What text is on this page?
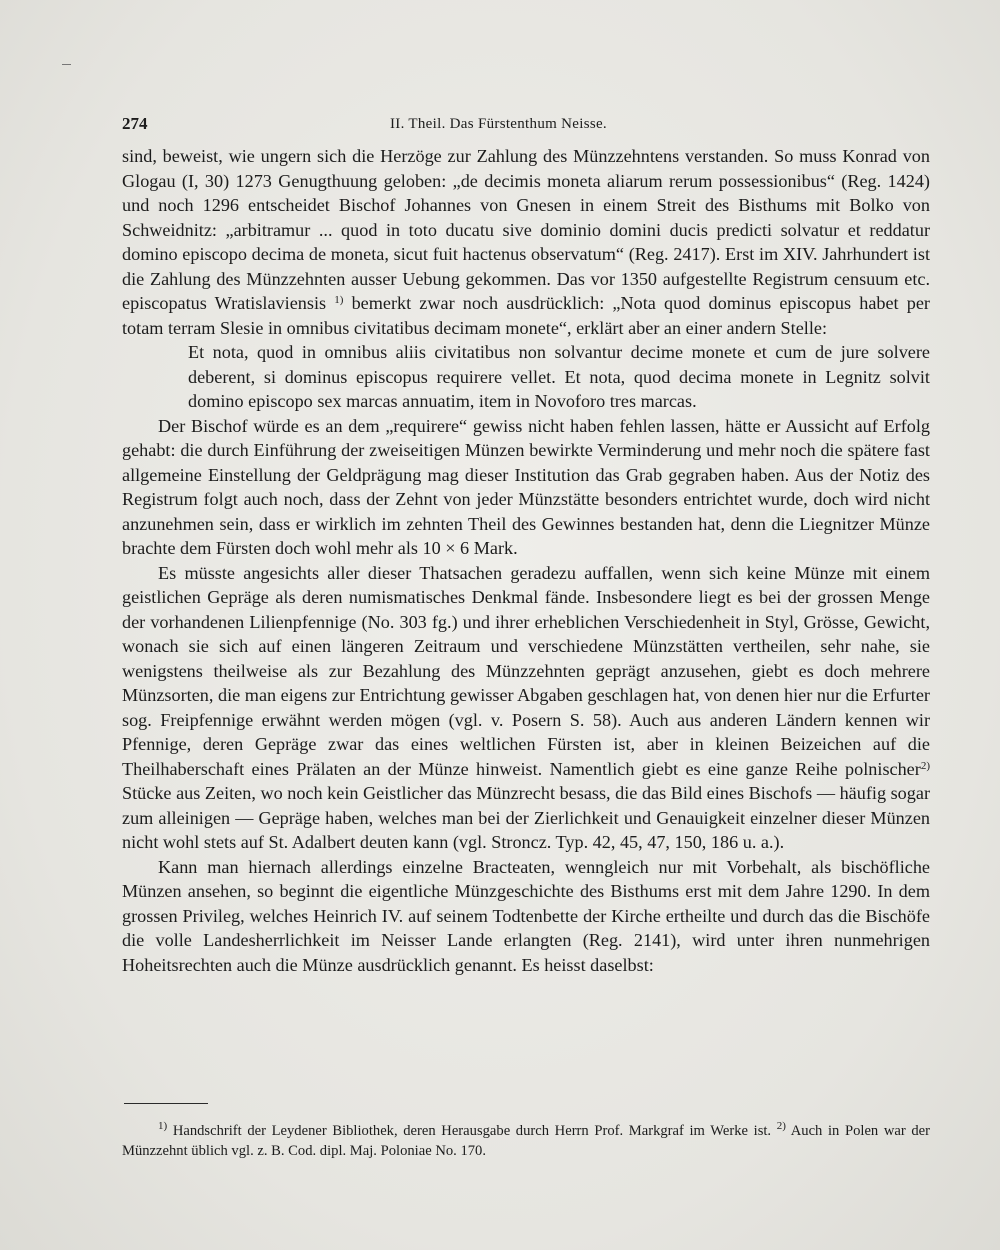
274	II. Theil. Das Fürstenthum Neisse.

sind, beweist, wie ungern sich die Herzöge zur Zahlung des Münzzehntens verstanden. So muss Konrad von Glogau (I, 30) 1273 Genugthuung geloben: „de decimis moneta aliarum rerum possessionibus“ (Reg. 1424) und noch 1296 entscheidet Bischof Johannes von Gnesen in einem Streit des Bisthums mit Bolko von Schweidnitz: „arbitramur ... quod in toto ducatu sive dominio domini ducis predicti solvatur et reddatur domino episcopo decima de moneta, sicut fuit hactenus observatum“ (Reg. 2417). Erst im XIV. Jahrhundert ist die Zahlung des Münzzehnten ausser Uebung gekommen. Das vor 1350 aufgestellte Registrum censuum etc. episcopatus Wratislaviensis $^{1)}$ bemerkt zwar noch ausdrücklich: „Nota quod dominus episcopus habet per totam terram Slesie in omnibus civitatibus decimam monete“, erklärt aber an einer andern Stelle:

Et nota, quod in omnibus aliis civitatibus non solvantur decime monete et cum de jure solvere deberent, si dominus episcopus requirere vellet. Et nota, quod decima monete in Legnitz solvit domino episcopo sex marcas annuatim, item in Novoforo tres marcas.

Der Bischof würde es an dem „requirere“ gewiss nicht haben fehlen lassen, hätte er Aussicht auf Erfolg gehabt: die durch Einführung der zweiseitigen Münzen bewirkte Verminderung und mehr noch die spätere fast allgemeine Einstellung der Geldprägung mag dieser Institution das Grab gegraben haben. Aus der Notiz des Registrum folgt auch noch, dass der Zehnt von jeder Münzstätte besonders entrichtet wurde, doch wird nicht anzunehmen sein, dass er wirklich im zehnten Theil des Gewinnes bestanden hat, denn die Liegnitzer Münze brachte dem Fürsten doch wohl mehr als 10 × 6 Mark.

Es müsste angesichts aller dieser Thatsachen geradezu auffallen, wenn sich keine Münze mit einem geistlichen Gepräge als deren numismatisches Denkmal fände. Insbesondere liegt es bei der grossen Menge der vorhandenen Lilienpfennige (No. 303 fg.) und ihrer erheblichen Verschiedenheit in Styl, Grösse, Gewicht, wonach sie sich auf einen längeren Zeitraum und verschiedene Münzstätten vertheilen, sehr nahe, sie wenigstens theilweise als zur Bezahlung des Münzzehnten geprägt anzusehen, giebt es doch mehrere Münzsorten, die man eigens zur Entrichtung gewisser Abgaben geschlagen hat, von denen hier nur die Erfurter sog. Freipfennige erwähnt werden mögen (vgl. v. Posern S. 58). Auch aus anderen Ländern kennen wir Pfennige, deren Gepräge zwar das eines weltlichen Fürsten ist, aber in kleinen Beizeichen auf die Theilhaberschaft eines Prälaten an der Münze hinweist. Namentlich giebt es eine ganze Reihe polnischer$^{2)}$ Stücke aus Zeiten, wo noch kein Geistlicher das Münzrecht besass, die das Bild eines Bischofs — häufig sogar zum alleinigen — Gepräge haben, welches man bei der Zierlichkeit und Genauigkeit einzelner dieser Münzen nicht wohl stets auf St. Adalbert deuten kann (vgl. Stroncz. Typ. 42, 45, 47, 150, 186 u. a.).

Kann man hiernach allerdings einzelne Bracteaten, wenngleich nur mit Vorbehalt, als bischöfliche Münzen ansehen, so beginnt die eigentliche Münzgeschichte des Bisthums erst mit dem Jahre 1290. In dem grossen Privileg, welches Heinrich IV. auf seinem Todtenbette der Kirche ertheilte und durch das die Bischöfe die volle Landesherrlichkeit im Neisser Lande erlangten (Reg. 2141), wird unter ihren nunmehrigen Hoheitsrechten auch die Münze ausdrücklich genannt. Es heisst daselbst:

$^{1)}$ Handschrift der Leydener Bibliothek, deren Herausgabe durch Herrn Prof. Markgraf im Werke ist. $^{2)}$ Auch in Polen war der Münzzehnt üblich vgl. z. B. Cod. dipl. Maj. Poloniae No. 170.
